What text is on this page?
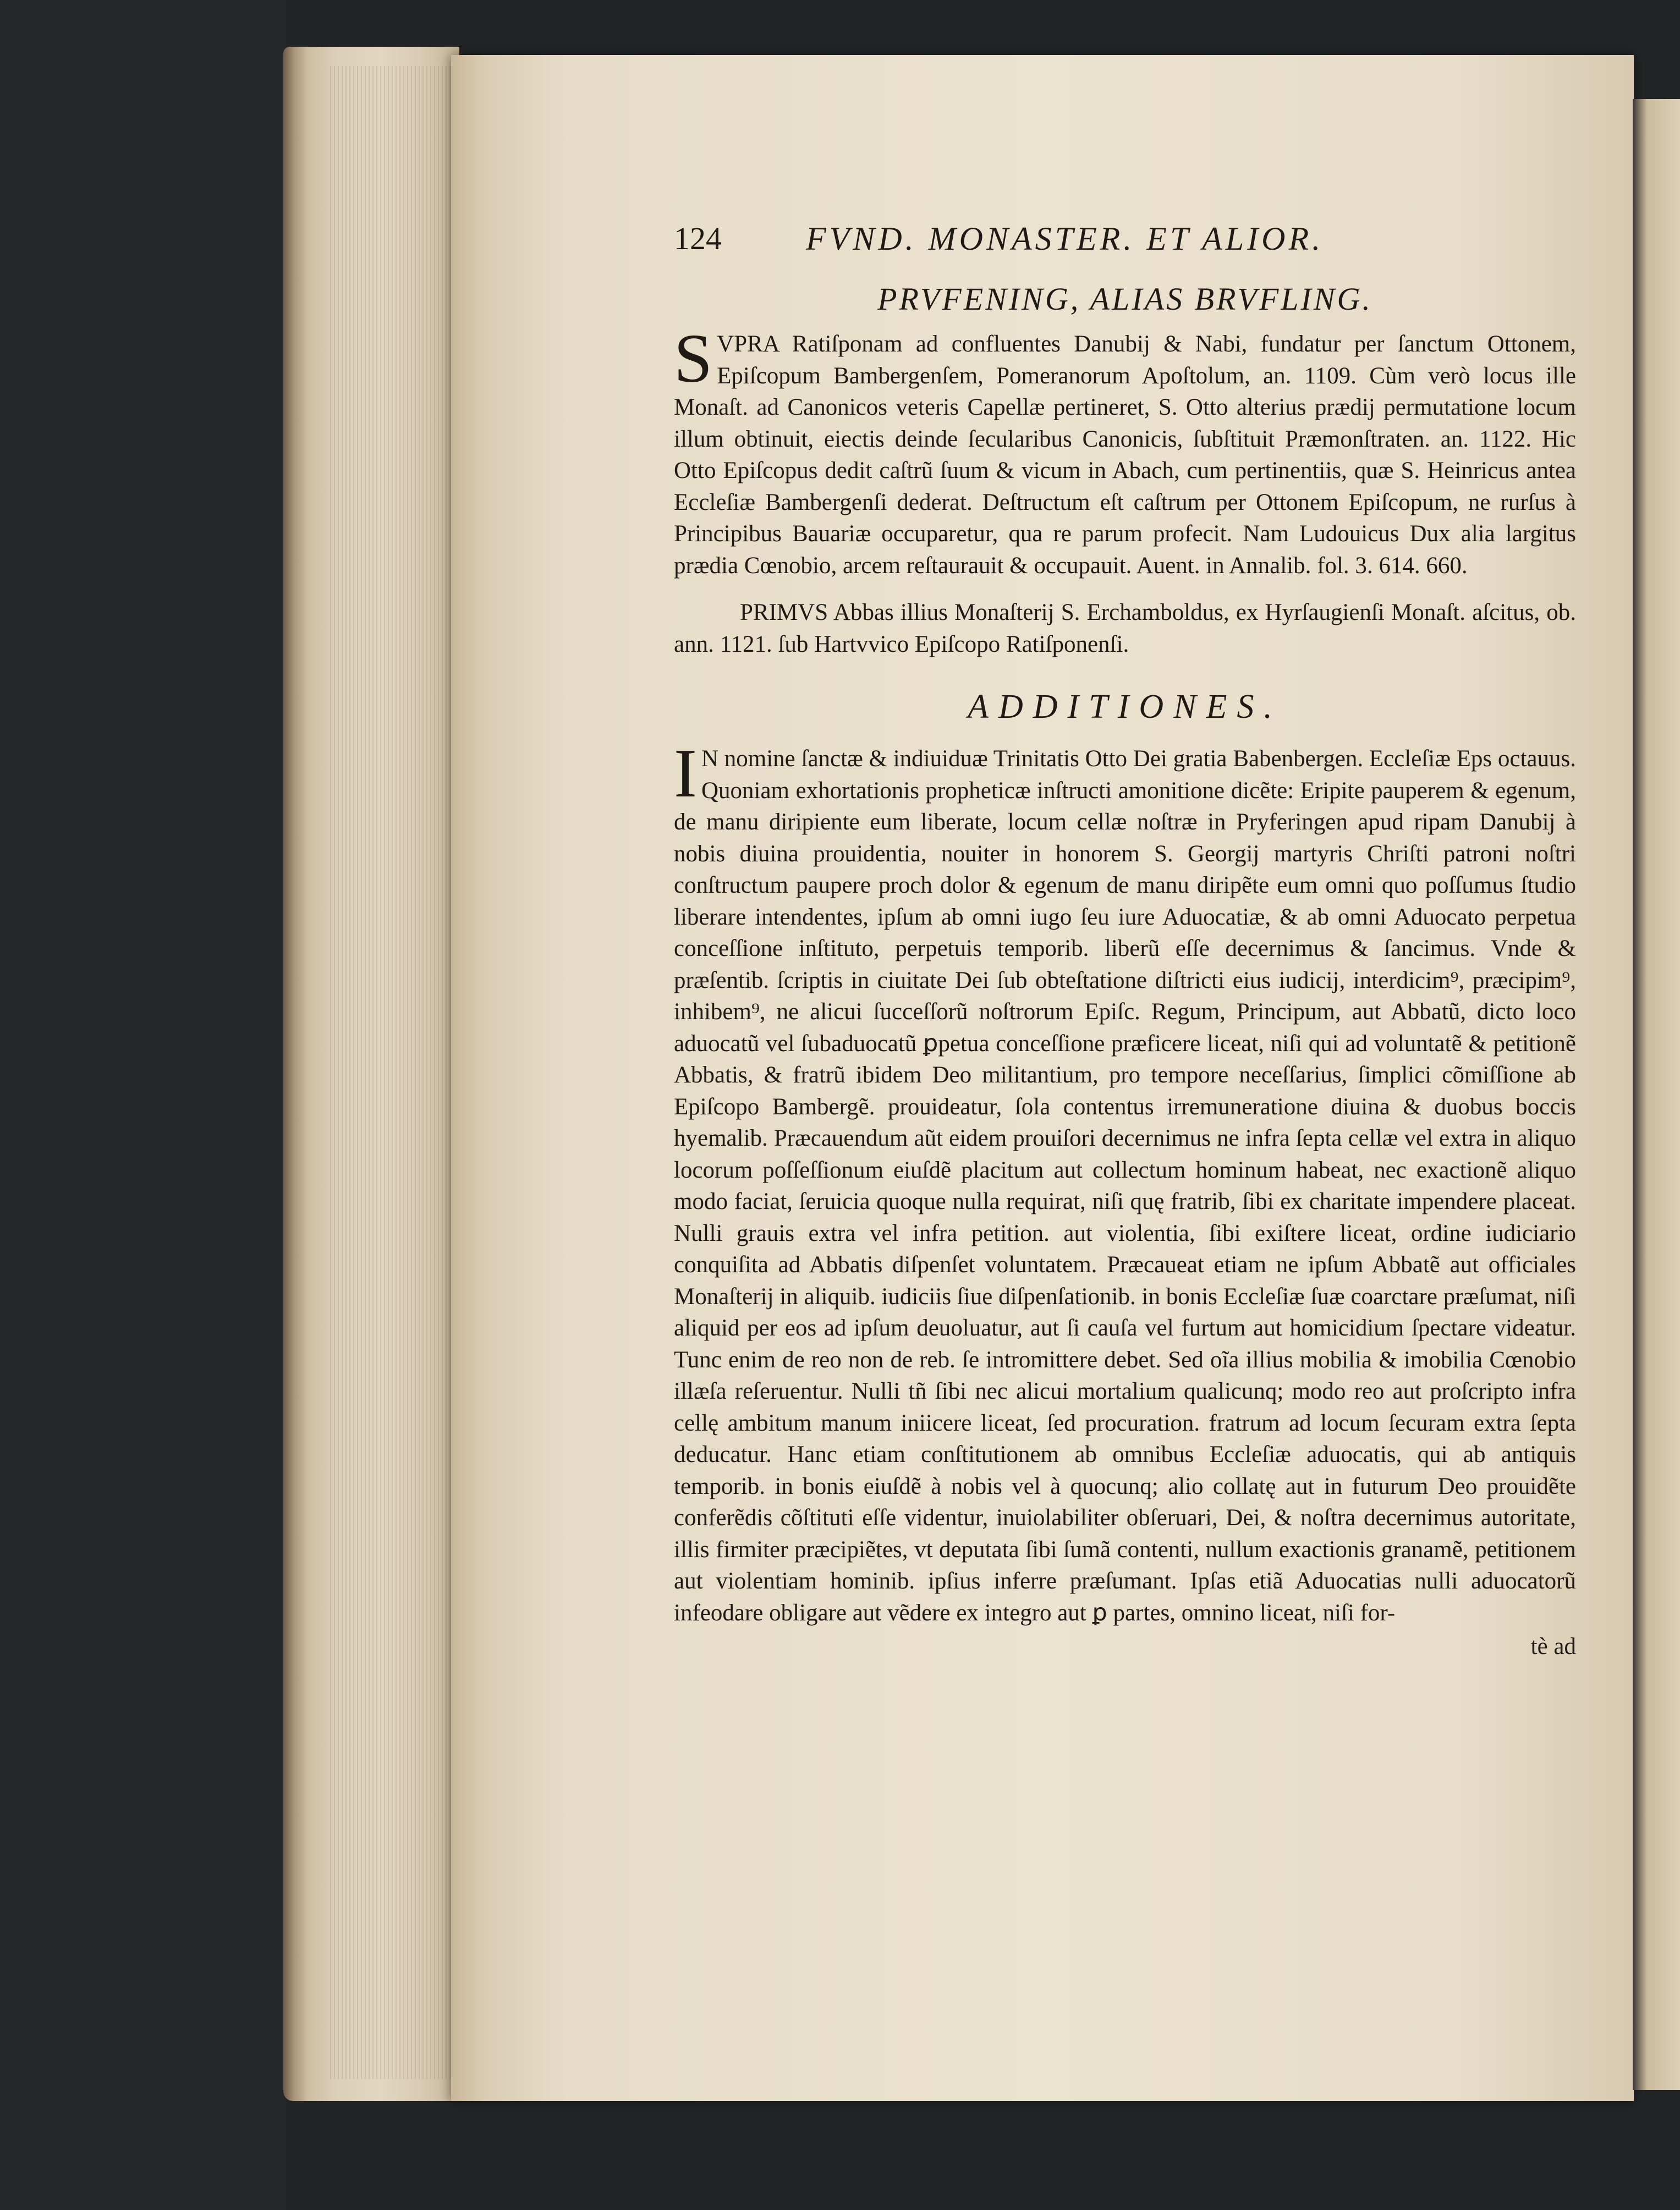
124	FVND. MONASTER. ET ALIOR.
PRVFENING, ALIAS BRVFLING.

SVPRA Ratiſponam ad confluentes Danubij & Nabi, fundatur per ſanctum Ottonem, Epiſcopum Bambergenſem, Pomeranorum Apoſtolum, an. 1109. Cùm verò locus ille Monaſt. ad Canonicos veteris Capellæ pertineret, S. Otto alterius prædij permutatione locum illum obtinuit, eiectis deinde ſecularibus Canonicis, ſubſtituit Præmonſtraten. an. 1122. Hic Otto Epiſcopus dedit caſtrũ ſuum & vicum in Abach, cum pertinentiis, quæ S. Heinricus antea Eccleſiæ Bambergenſi dederat. Deſtructum eſt caſtrum per Ottonem Epiſcopum, ne rurſus à Principibus Bauariæ occuparetur, qua re parum profecit. Nam Ludouicus Dux alia largitus prædia Cœnobio, arcem reſtaurauit & occupauit. Auent. in Annalib. fol. 3. 614. 660.

PRIMVS Abbas illius Monaſterij S. Erchamboldus, ex Hyrſaugienſi Monaſt. aſcitus, ob. ann. 1121. ſub Hartvvico Epiſcopo Ratiſponenſi.

ADDITIONES.

I N nomine ſanctæ & indiuiduæ Trinitatis Otto Dei gratia Babenbergen. Eccleſiæ Eps octauus. Quoniam exhortationis propheticæ inſtructi amonitione dicẽte: Eripite pauperem & egenum, de manu diripiente eum liberate, locum cellæ noſtræ in Pryferingen apud ripam Danubij à nobis diuina prouidentia, nouiter in honorem S. Georgij martyris Chriſti patroni noſtri conſtructum paupere proch dolor & egenum de manu diripẽte eum omni quo poſſumus ſtudio liberare intendentes, ipſum ab omni iugo ſeu iure Aduocatiæ, & ab omni Aduocato perpetua conceſſione inſtituto, perpetuis temporib. liberũ eſſe decernimus & ſancimus. Vnde & præſentib. ſcriptis in ciuitate Dei ſub obteſtatione diſtricti eius iudicij, interdicim⁹, præcipim⁹, inhibem⁹, ne alicui ſucceſſorũ noſtrorum Epiſc. Regum, Principum, aut Abbatũ, dicto loco aduocatũ vel ſubaduocatũ ꝑpetua conceſſione præficere liceat, niſi qui ad voluntatẽ & petitionẽ Abbatis, & fratrũ ibidem Deo militantium, pro tempore neceſſarius, ſimplici cõmiſſione ab Epiſcopo Bambergẽ. prouideatur, ſola contentus irremuneratione diuina & duobus boccis hyemalib. Præcauendum aũt eidem prouiſori decernimus ne infra ſepta cellæ vel extra in aliquo locorum poſſeſſionum eiuſdẽ placitum aut collectum hominum habeat, nec exactionẽ aliquo modo faciat, ſeruicia quoque nulla requirat, niſi quę fratrib, ſibi ex charitate impendere placeat. Nulli grauis extra vel infra petition. aut violentia, ſibi exiſtere liceat, ordine iudiciario conquiſita ad Abbatis diſpenſet voluntatem. Præcaueat etiam ne ipſum Abbatẽ aut officiales Monaſterij in aliquib. iudiciis ſiue diſpenſationib. in bonis Eccleſiæ ſuæ coarctare præſumat, niſi aliquid per eos ad ipſum deuoluatur, aut ſi cauſa vel furtum aut homicidium ſpectare videatur. Tunc enim de reo non de reb. ſe intromittere debet. Sed oĩa illius mobilia & imobilia Cœnobio illæſa reſeruentur. Nulli tñ ſibi nec alicui mortalium qualicunq; modo reo aut proſcripto infra cellę ambitum manum iniicere liceat, ſed procuration. fratrum ad locum ſecuram extra ſepta deducatur. Hanc etiam conſtitutionem ab omnibus Eccleſiæ aduocatis, qui ab antiquis temporib. in bonis eiuſdẽ à nobis vel à quocunq; alio collatę aut in futurum Deo prouidẽte conferẽdis cõſtituti eſſe videntur, inuiolabiliter obſeruari, Dei, & noſtra decernimus autoritate, illis firmiter præcipiẽtes, vt deputata ſibi ſumã contenti, nullum exactionis granamẽ, petitionem aut violentiam hominib. ipſius inferre præſumant. Ipſas etiã Aduocatias nulli aduocatorũ infeodare obligare aut vẽdere ex integro aut ꝑ partes, omnino liceat, niſi for-

tè ad
